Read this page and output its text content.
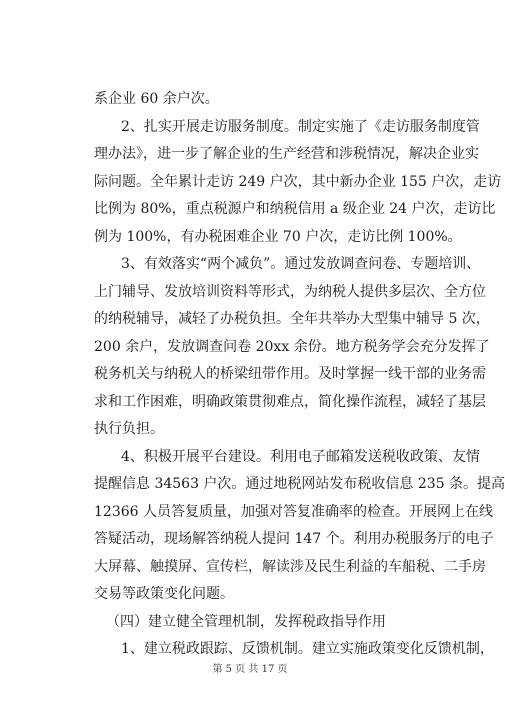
系企业 60 余户次。
2、扎实开展走访服务制度。制定实施了《走访服务制度管
理办法》，进一步了解企业的生产经营和涉税情况，解决企业实
际问题。全年累计走访 249 户次，其中新办企业 155 户次，走访
比例为 80%，重点税源户和纳税信用 a 级企业 24 户次，走访比
例为 100%，有办税困难企业 70 户次，走访比例 100%。
3、有效落实“两个减负”。通过发放调查问卷、专题培训、
上门辅导、发放培训资料等形式，为纳税人提供多层次、全方位
的纳税辅导，减轻了办税负担。全年共举办大型集中辅导 5 次，
200 余户，发放调查问卷 20xx 余份。地方税务学会充分发挥了
税务机关与纳税人的桥梁纽带作用。及时掌握一线干部的业务需
求和工作困难，明确政策贯彻难点，简化操作流程，减轻了基层
执行负担。
4、积极开展平台建设。利用电子邮箱发送税收政策、友情
提醒信息 34563 户次。通过地税网站发布税收信息 235 条。提高
12366 人员答复质量，加强对答复准确率的检查。开展网上在线
答疑活动，现场解答纳税人提问 147 个。利用办税服务厅的电子
大屏幕、触摸屏、宣传栏，解读涉及民生利益的车船税、二手房
交易等政策变化问题。
（四）建立健全管理机制，发挥税政指导作用
1、建立税政跟踪、反馈机制。建立实施政策变化反馈机制，
第 5 页 共 17 页
